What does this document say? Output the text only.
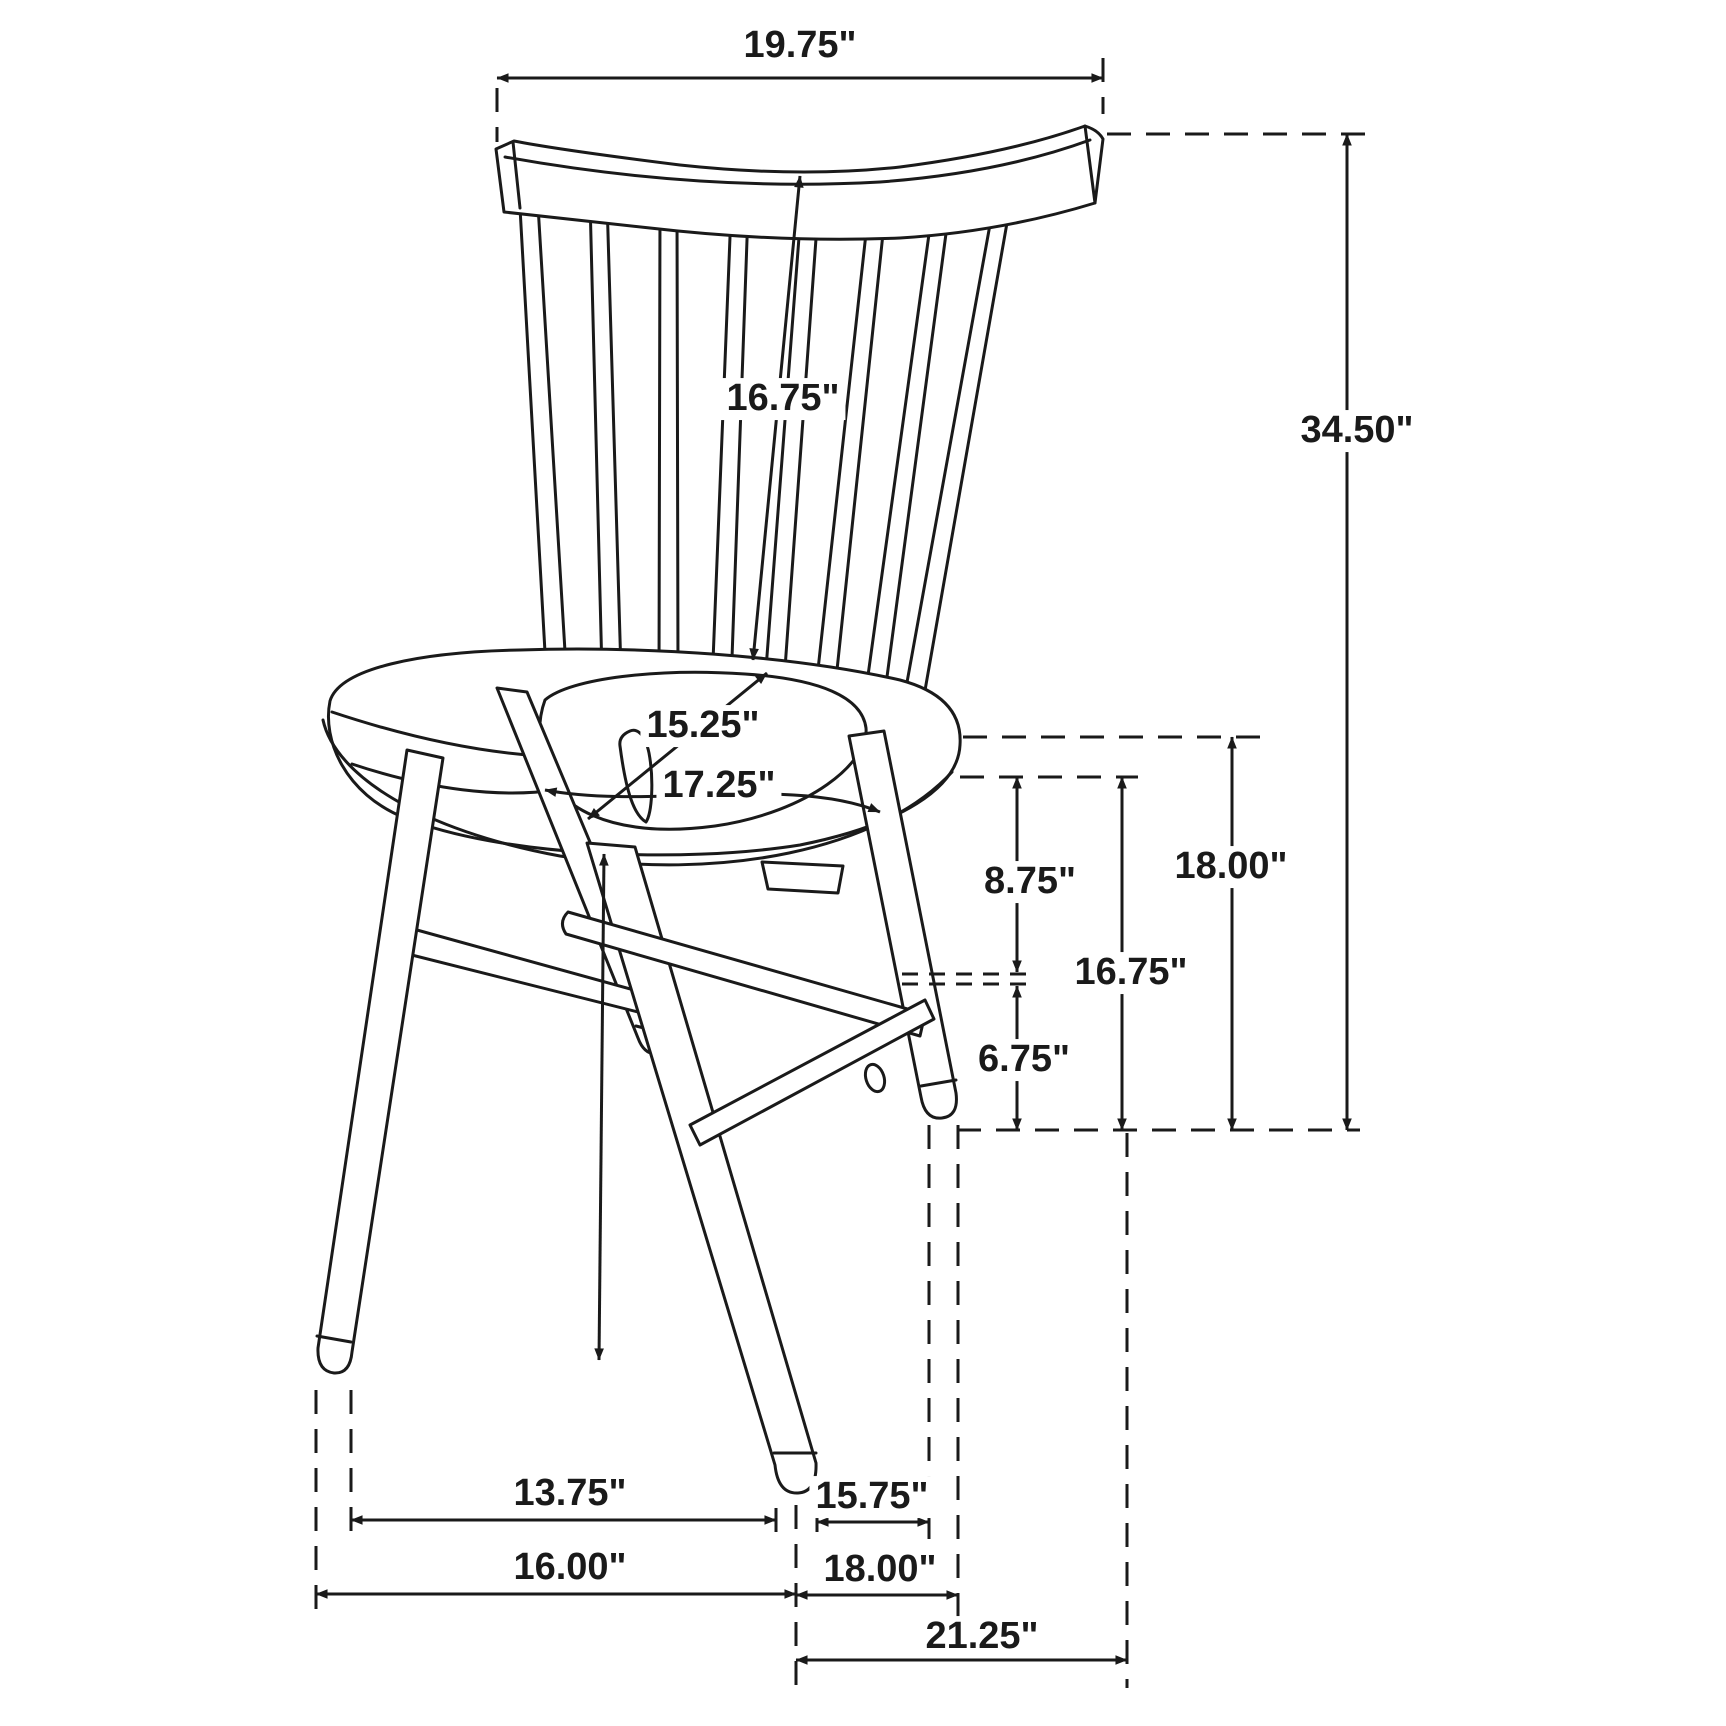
19.75"
34.50"
16.75"
15.25"
17.25"
8.75"
16.75"
18.00"
6.75"
13.75"	15.75"
16.00"	18.00"
21.25"
